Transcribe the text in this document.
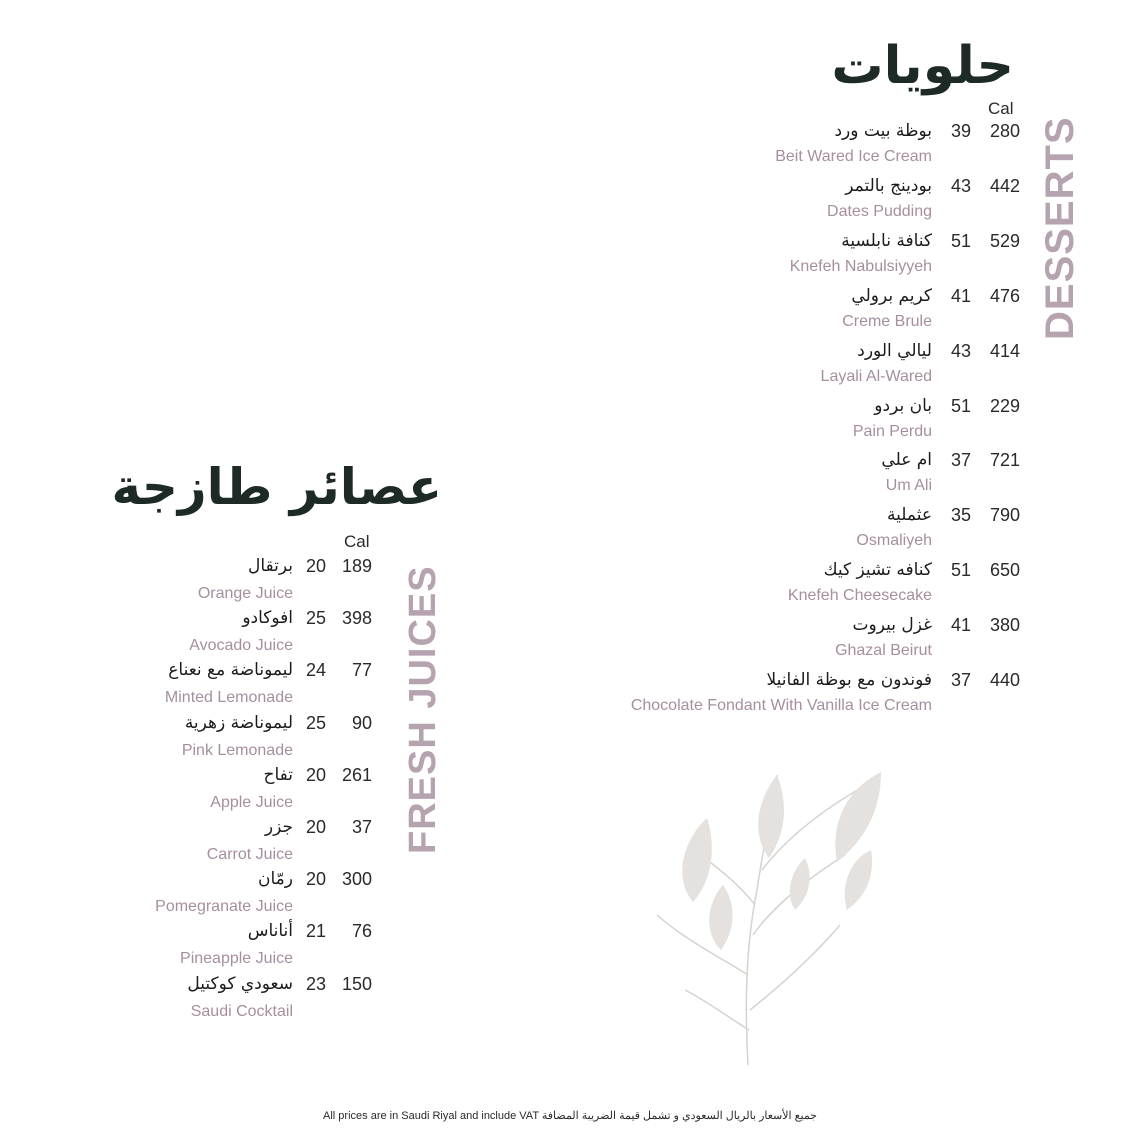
حلويات
DESSERTS
Cal
بوظة بيت ورد
Beit Wared Ice Cream
39 280
بودينج بالتمر
Dates Pudding
43 442
كنافة نابلسية
Knefeh Nabulsiyyeh
51 529
كريم برولي
Creme Brule
41 476
ليالي الورد
Layali Al-Wared
43 414
بان بردو
Pain Perdu
51 229
ام علي
Um Ali
37 721
عثملية
Osmaliyeh
35 790
كنافه تشيز كيك
Knefeh Cheesecake
51 650
غزل بيروت
Ghazal Beirut
41 380
فوندون مع بوظة الفانيلا
Chocolate Fondant With Vanilla Ice Cream
37 440
عصائر طازجة
FRESH JUICES
Cal
برتقال
Orange Juice
20 189
افوكادو
Avocado Juice
25 398
ليموناضة مع نعناع
Minted Lemonade
24 77
ليموناضة زهرية
Pink Lemonade
25 90
تفاح
Apple Juice
20 261
جزر
Carrot Juice
20 37
رمّان
Pomegranate Juice
20 300
أناناس
Pineapple Juice
21 76
سعودي كوكتيل
Saudi Cocktail
23 150
All prices are in Saudi Riyal and include VAT جميع الأسعار بالريال السعودي و تشمل قيمة الضريبة المضافة
